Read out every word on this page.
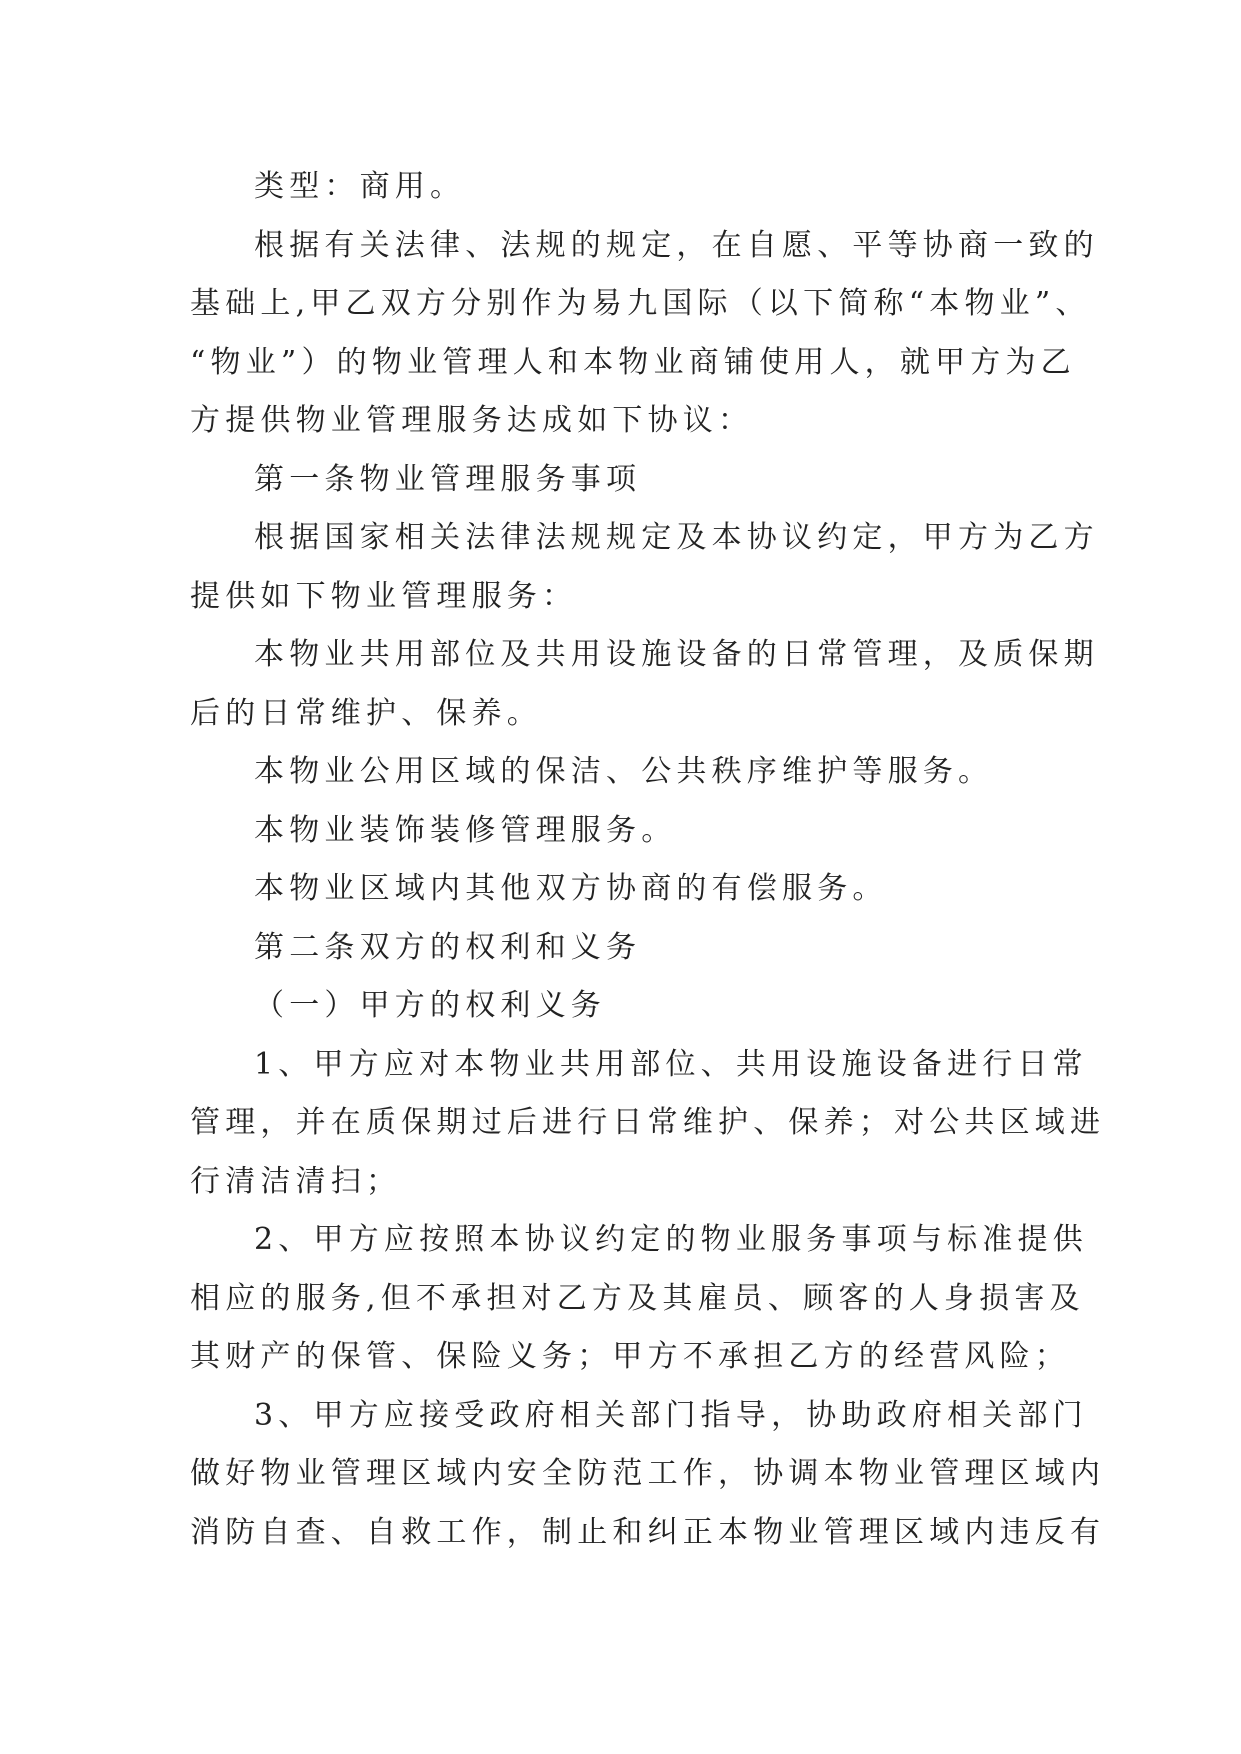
类型：商用。
根据有关法律、法规的规定，在自愿、平等协商一致的
基础上,甲乙双方分别作为易九国际（以下简称“本物业”、
“物业”）的物业管理人和本物业商铺使用人，就甲方为乙
方提供物业管理服务达成如下协议：
第一条物业管理服务事项
根据国家相关法律法规规定及本协议约定，甲方为乙方
提供如下物业管理服务：
本物业共用部位及共用设施设备的日常管理，及质保期
后的日常维护、保养。
本物业公用区域的保洁、公共秩序维护等服务。
本物业装饰装修管理服务。
本物业区域内其他双方协商的有偿服务。
第二条双方的权利和义务
（一）甲方的权利义务
1、甲方应对本物业共用部位、共用设施设备进行日常
管理，并在质保期过后进行日常维护、保养；对公共区域进
行清洁清扫；
2、甲方应按照本协议约定的物业服务事项与标准提供
相应的服务,但不承担对乙方及其雇员、顾客的人身损害及
其财产的保管、保险义务；甲方不承担乙方的经营风险；
3、甲方应接受政府相关部门指导，协助政府相关部门
做好物业管理区域内安全防范工作，协调本物业管理区域内
消防自查、自救工作，制止和纠正本物业管理区域内违反有
